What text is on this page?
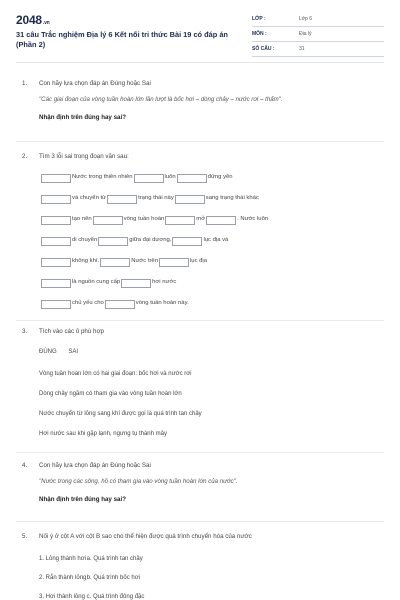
2048.vn
31 câu Trắc nghiệm Địa lý 6 Kết nối tri thức Bài 19 có đáp án (Phần 2)
LỚP :	Lớp 6
MÔN :	Địa lý
SỐ CÂU :	31
1. Con hãy lựa chọn đáp án Đúng hoặc Sai
"Các giai đoạn của vòng tuần hoàn lớn lần lượt là bốc hơi – dòng chảy – nước rơi – thấm".
Nhận định trên đúng hay sai?
2. Tìm 3 lỗi sai trong đoạn văn sau:
Nước trong thiên nhiên	luôn	đứng yên
và chuyển từ	trạng thái này	sang trạng thái khác
tạo nên	vòng tuần hoàn	mở	. Nước luôn
di chuyển	giữa đại dương,	lục địa và
không khí.	Nước trên	lục địa
là nguồn cung cấp	hơi nước
chủ yếu cho	vòng tuần hoàn này.
3. Tích vào các ô phù hợp
ĐÚNG SAI
Vòng tuần hoàn lớn có hai giai đoạn: bốc hơi và nước rơi
Dòng chảy ngầm có tham gia vào vòng tuần hoàn lớn
Nước chuyển từ lỏng sang khí được gọi là quá trình tan chảy
Hơi nước sau khi gặp lạnh, ngưng tụ thành mây
4. Con hãy lựa chọn đáp án Đúng hoặc Sai
"Nước trong các sông, hồ có tham gia vào vòng tuần hoàn lớn của nước".
Nhận định trên đúng hay sai?
5. Nối ý ở cột A với cột B sao cho thể hiện được quá trình chuyển hóa của nước
1. Lỏng thành hơi a. Quá trình tan chảy
2. Rắn thành lỏng b. Quá trình bốc hơi
3. Hơi thành lỏng c. Quá trình đông đặc
